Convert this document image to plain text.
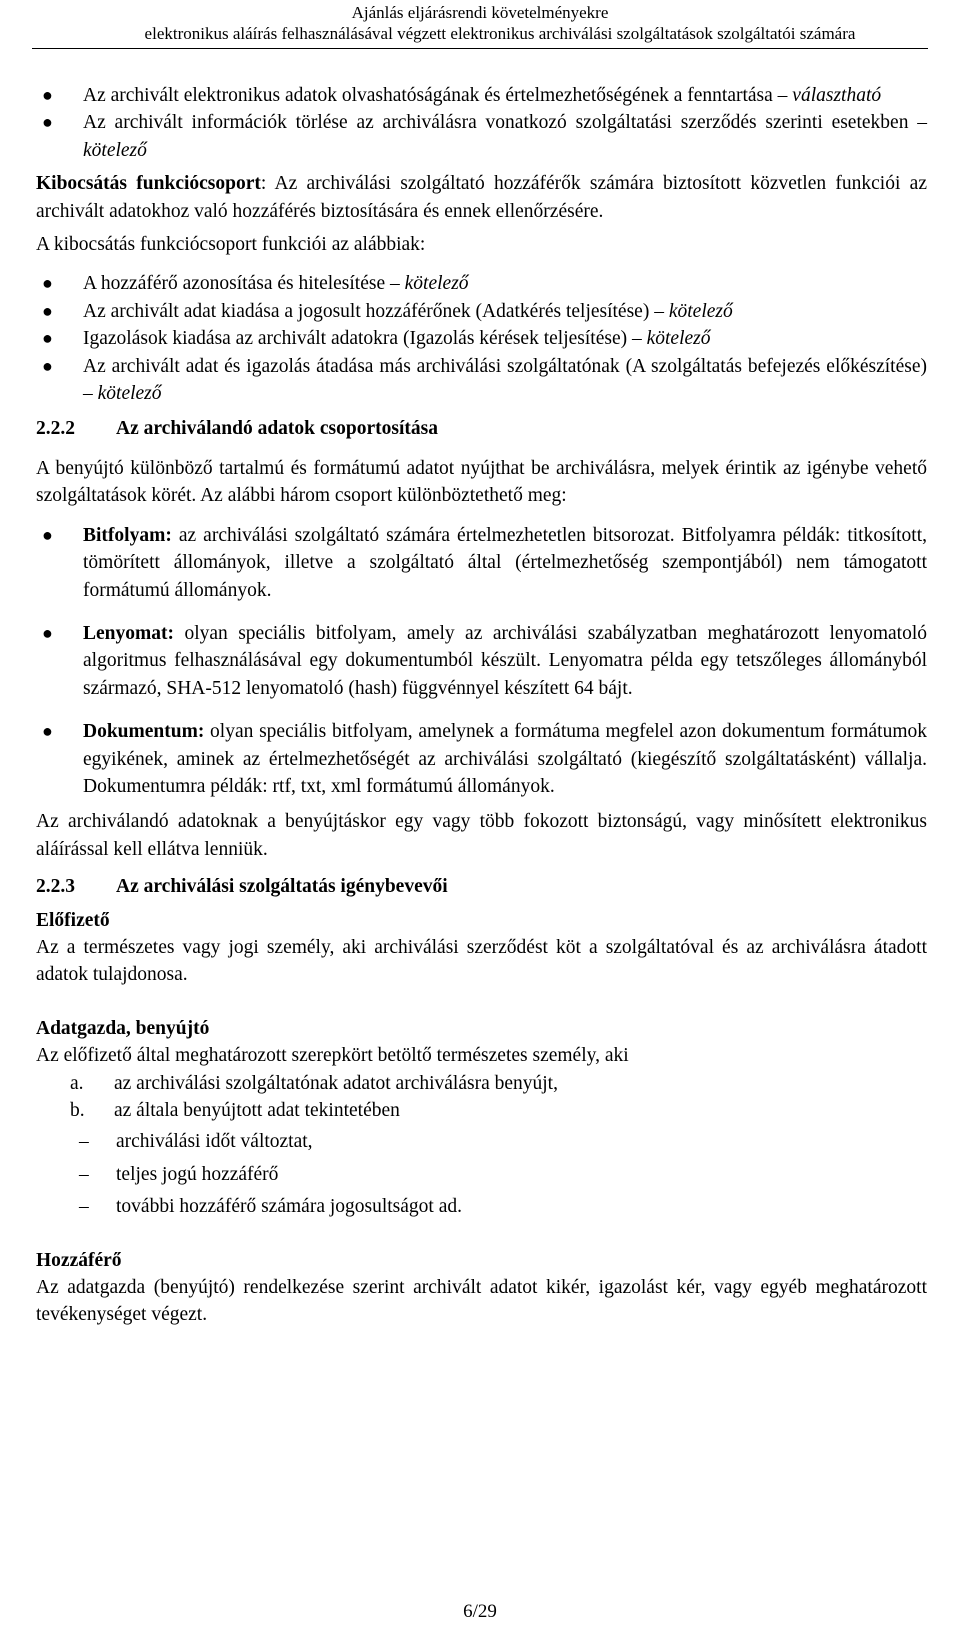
Ajánlás eljárásrendi követelményekre
elektronikus aláírás felhasználásával végzett elektronikus archiválási szolgáltatások szolgáltatói számára
● Az archivált elektronikus adatok olvashatóságának és értelmezhetőségének a fenntartása – választható
● Az archivált információk törlése az archiválásra vonatkozó szolgáltatási szerződés szerinti esetekben – kötelező

Kibocsátás funkciócsoport: Az archiválási szolgáltató hozzáférők számára biztosított közvetlen funkciói az archivált adatokhoz való hozzáférés biztosítására és ennek ellenőrzésére.

A kibocsátás funkciócsoport funkciói az alábbiak:

● A hozzáférő azonosítása és hitelesítése – kötelező
● Az archivált adat kiadása a jogosult hozzáférőnek (Adatkérés teljesítése) – kötelező
● Igazolások kiadása az archivált adatokra (Igazolás kérések teljesítése) – kötelező
● Az archivált adat és igazolás átadása más archiválási szolgáltatónak (A szolgáltatás befejezés előkészítése) – kötelező
2.2.2	Az archiválandó adatok csoportosítása

A benyújtó különböző tartalmú és formátumú adatot nyújthat be archiválásra, melyek érintik az igénybe vehető szolgáltatások körét. Az alábbi három csoport különböztethető meg:

● Bitfolyam: az archiválási szolgáltató számára értelmezhetetlen bitsorozat. Bitfolyamra példák: titkosított, tömörített állományok, illetve a szolgáltató által (értelmezhetőség szempontjából) nem támogatott formátumú állományok.
● Lenyomat: olyan speciális bitfolyam, amely az archiválási szabályzatban meghatározott lenyomatoló algoritmus felhasználásával egy dokumentumból készült. Lenyomatra példa egy tetszőleges állományból származó, SHA-512 lenyomatoló (hash) függvénnyel készített 64 bájt.
● Dokumentum: olyan speciális bitfolyam, amelynek a formátuma megfelel azon dokumentum formátumok egyikének, aminek az értelmezhetőségét az archiválási szolgáltató (kiegészítő szolgáltatásként) vállalja. Dokumentumra példák: rtf, txt, xml formátumú állományok.

Az archiválandó adatoknak a benyújtáskor egy vagy több fokozott biztonságú, vagy minősített elektronikus aláírással kell ellátva lenniük.

2.2.3	Az archiválási szolgáltatás igénybevevői

Előfizető

Az a természetes vagy jogi személy, aki archiválási szerződést köt a szolgáltatóval és az archiválásra átadott adatok tulajdonosa.

Adatgazda, benyújtó

Az előfizető által meghatározott szerepkört betöltő természetes személy, aki

a. az archiválási szolgáltatónak adatot archiválásra benyújt,
b. az általa benyújtott adat tekintetében
– archiválási időt változtat,
– teljes jogú hozzáférő
– további hozzáférő számára jogosultságot ad.

Hozzáférő

Az adatgazda (benyújtó) rendelkezése szerint archivált adatot kikér, igazolást kér, vagy egyéb meghatározott tevékenységet végezt.

6/29
